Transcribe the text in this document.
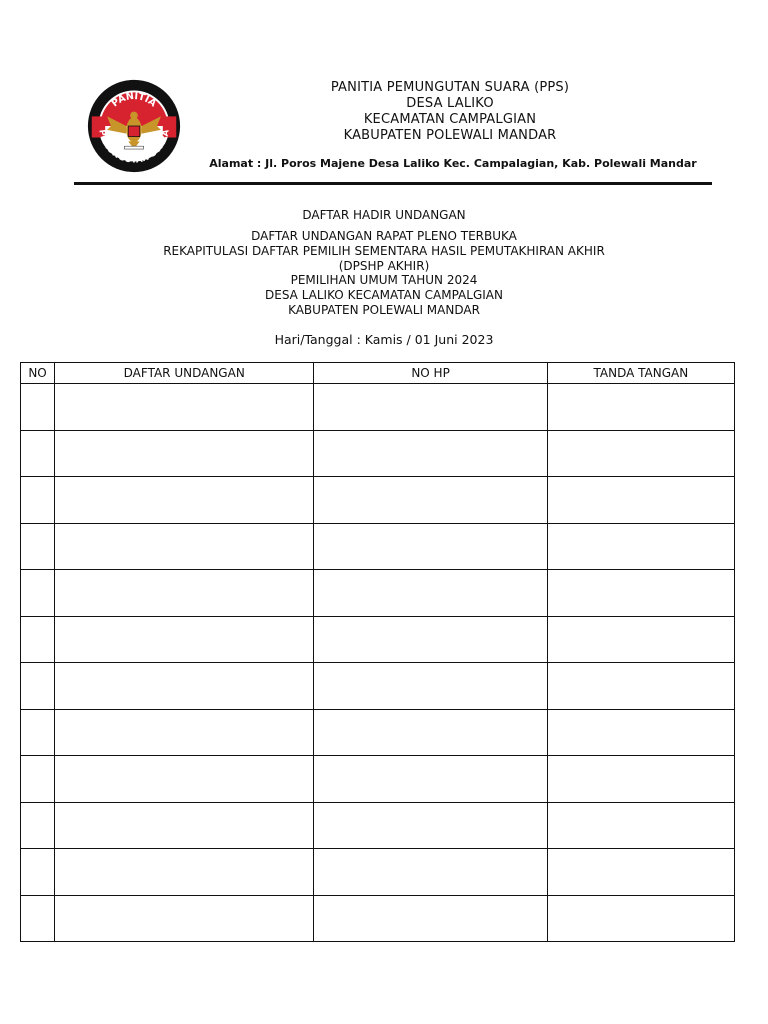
PANITIA
PEMUNGUTAN SUARA
PANITIA PEMUNGUTAN SUARA (PPS)
DESA LALIKO
KECAMATAN CAMPALGIAN
KABUPATEN POLEWALI MANDAR
Alamat : Jl. Poros Majene Desa Laliko Kec. Campalagian, Kab. Polewali Mandar
DAFTAR HADIR UNDANGAN
DAFTAR UNDANGAN RAPAT PLENO TERBUKA
REKAPITULASI DAFTAR PEMILIH SEMENTARA HASIL PEMUTAKHIRAN AKHIR
(DPSHP AKHIR)
PEMILIHAN UMUM TAHUN 2024
DESA LALIKO KECAMATAN CAMPALGIAN
KABUPATEN POLEWALI MANDAR
Hari/Tanggal : Kamis / 01 Juni 2023
NO	DAFTAR UNDANGAN	NO HP	TANDA TANGAN
